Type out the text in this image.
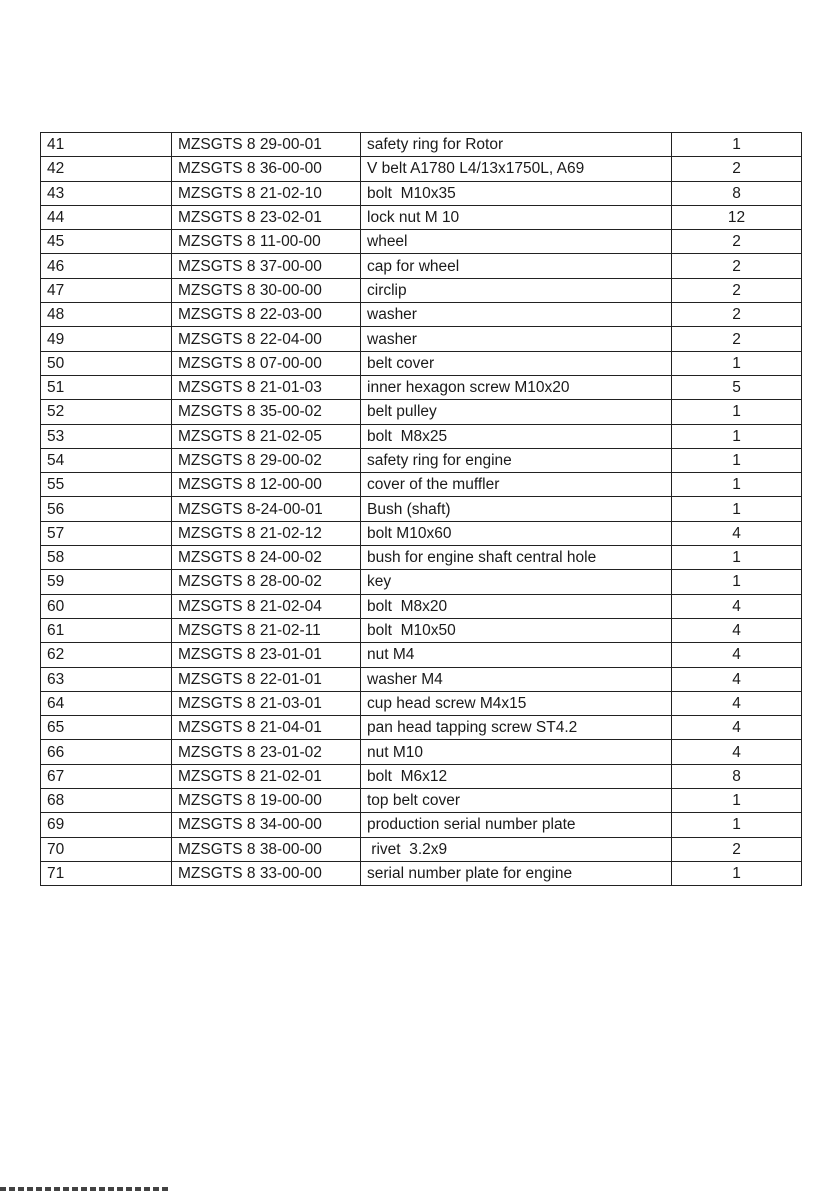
41	MZSGTS 8 29-00-01	safety ring for Rotor	1
42	MZSGTS 8 36-00-00	V belt A1780 L4/13x1750L, A69	2
43	MZSGTS 8 21-02-10	bolt  M10x35	8
44	MZSGTS 8 23-02-01	lock nut M 10	12
45	MZSGTS 8 11-00-00	wheel	2
46	MZSGTS 8 37-00-00	cap for wheel	2
47	MZSGTS 8 30-00-00	circlip	2
48	MZSGTS 8 22-03-00	washer	2
49	MZSGTS 8 22-04-00	washer	2
50	MZSGTS 8 07-00-00	belt cover	1
51	MZSGTS 8 21-01-03	inner hexagon screw M10x20	5
52	MZSGTS 8 35-00-02	belt pulley	1
53	MZSGTS 8 21-02-05	bolt  M8x25	1
54	MZSGTS 8 29-00-02	safety ring for engine	1
55	MZSGTS 8 12-00-00	cover of the muffler	1
56	MZSGTS 8-24-00-01	Bush (shaft)	1
57	MZSGTS 8 21-02-12	bolt M10x60	4
58	MZSGTS 8 24-00-02	bush for engine shaft central hole	1
59	MZSGTS 8 28-00-02	key	1
60	MZSGTS 8 21-02-04	bolt  M8x20	4
61	MZSGTS 8 21-02-11	bolt  M10x50	4
62	MZSGTS 8 23-01-01	nut M4	4
63	MZSGTS 8 22-01-01	washer M4	4
64	MZSGTS 8 21-03-01	cup head screw M4x15	4
65	MZSGTS 8 21-04-01	pan head tapping screw ST4.2	4
66	MZSGTS 8 23-01-02	nut M10	4
67	MZSGTS 8 21-02-01	bolt  M6x12	8
68	MZSGTS 8 19-00-00	top belt cover	1
69	MZSGTS 8 34-00-00	production serial number plate	1
70	MZSGTS 8 38-00-00	rivet  3.2x9	2
71	MZSGTS 8 33-00-00	serial number plate for engine	1
